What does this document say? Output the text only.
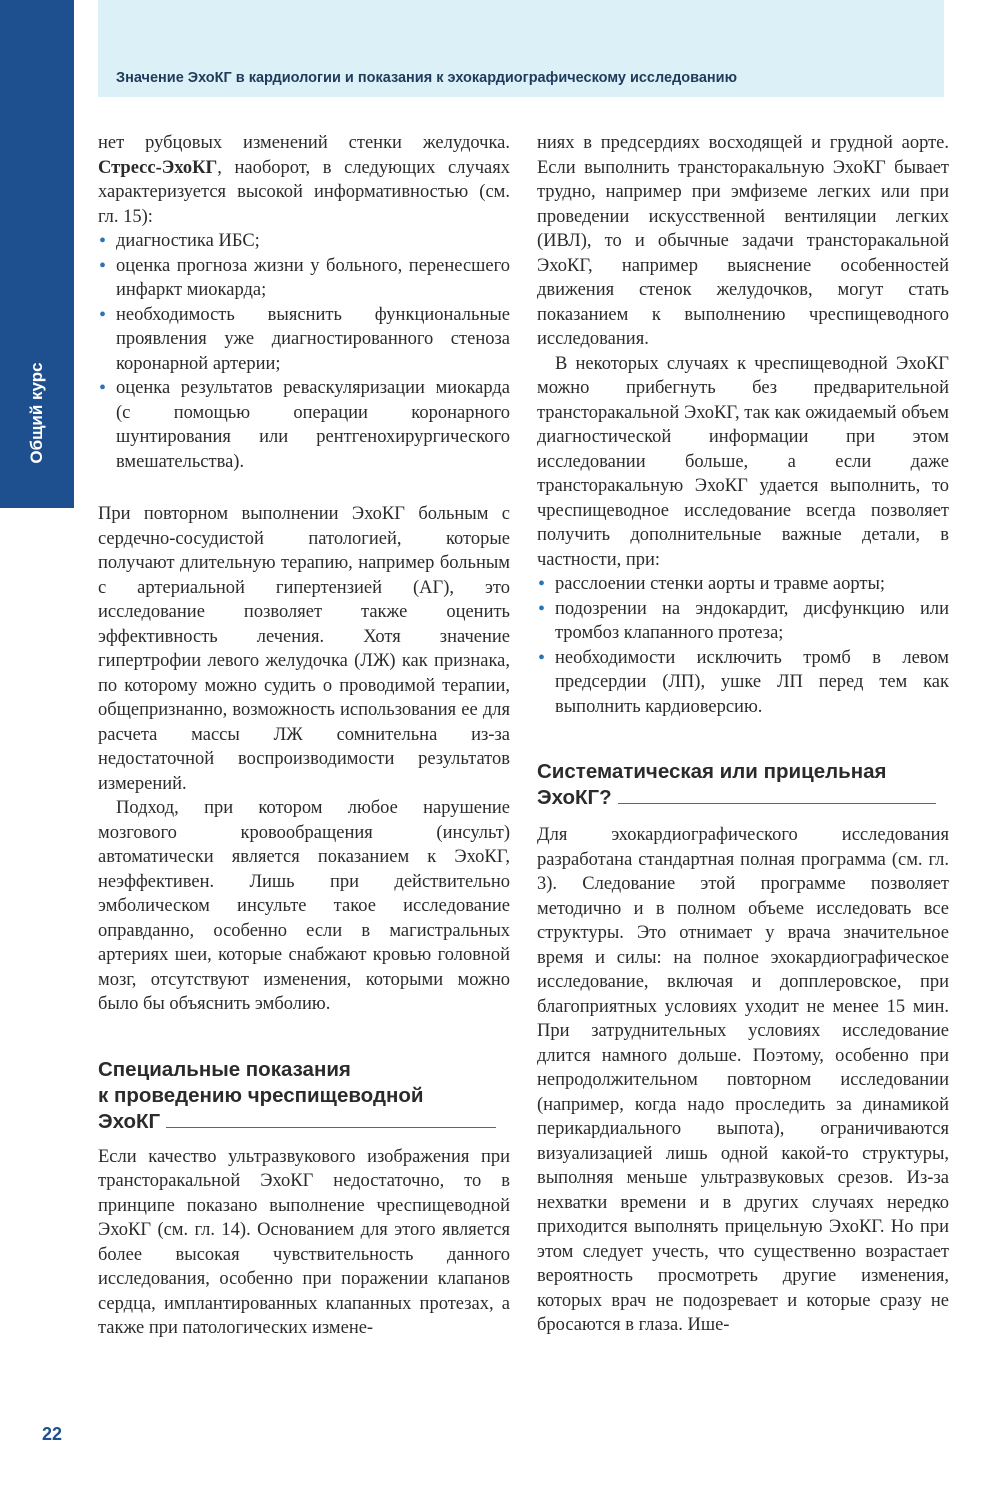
Значение ЭхоКГ в кардиологии и показания к эхокардиографическому исследованию
Общий курс

нет рубцовых изменений стенки желудочка. Стресс-ЭхоКГ, наоборот, в следующих случаях характеризуется высокой информативностью (см. гл. 15):

• диагностика ИБС;
• оценка прогноза жизни у больного, перенесшего инфаркт миокарда;
• необходимость выяснить функциональные проявления уже диагностированного стеноза коронарной артерии;
• оценка результатов реваскуляризации миокарда (с помощью операции коронарного шунтирования или рентгенохирургического вмешательства).

При повторном выполнении ЭхоКГ больным с сердечно-сосудистой патологией, которые получают длительную терапию, например больным с артериальной гипертензией (АГ), это исследование позволяет также оценить эффективность лечения. Хотя значение гипертрофии левого желудочка (ЛЖ) как признака, по которому можно судить о проводимой терапии, общепризнанно, возможность использования ее для расчета массы ЛЖ сомнительна из-за недостаточной воспроизводимости результатов измерений.

Подход, при котором любое нарушение мозгового кровообращения (инсульт) автоматически является показанием к ЭхоКГ, неэффективен. Лишь при действительно эмболическом инсульте такое исследование оправданно, особенно если в магистральных артериях шеи, которые снабжают кровью головной мозг, отсутствуют изменения, которыми можно было бы объяснить эмболию.

Специальные показания
к проведению чреспищеводной
ЭхоКГ

Если качество ультразвукового изображения при трансторакальной ЭхоКГ недостаточно, то в принципе показано выполнение чреспищеводной ЭхоКГ (см. гл. 14). Основанием для этого является более высокая чувствительность данного исследования, особенно при поражении клапанов сердца, имплантированных клапанных протезах, а также при патологических измене-

ниях в предсердиях восходящей и грудной аорте. Если выполнить трансторакальную ЭхоКГ бывает трудно, например при эмфиземе легких или при проведении искусственной вентиляции легких (ИВЛ), то и обычные задачи трансторакальной ЭхоКГ, например выяснение особенностей движения стенок желудочков, могут стать показанием к выполнению чреспищеводного исследования.

В некоторых случаях к чреспищеводной ЭхоКГ можно прибегнуть без предварительной трансторакальной ЭхоКГ, так как ожидаемый объем диагностической информации при этом исследовании больше, а если даже трансторакальную ЭхоКГ удается выполнить, то чреспищеводное исследование всегда позволяет получить дополнительные важные детали, в частности, при:

• расслоении стенки аорты и травме аорты;
• подозрении на эндокардит, дисфункцию или тромбоз клапанного протеза;
• необходимости исключить тромб в левом предсердии (ЛП), ушке ЛП перед тем как выполнить кардиоверсию.
Систематическая или прицельная
ЭхоКГ?

Для эхокардиографического исследования разработана стандартная полная программа (см. гл. 3). Следование этой программе позволяет методично и в полном объеме исследовать все структуры. Это отнимает у врача значительное время и силы: на полное эхокардиографическое исследование, включая и допплеровское, при благоприятных условиях уходит не менее 15 мин. При затруднительных условиях исследование длится намного дольше. Поэтому, особенно при непродолжительном повторном исследовании (например, когда надо проследить за динамикой перикардиального выпота), ограничиваются визуализацией лишь одной какой-то структуры, выполняя меньше ультразвуковых срезов. Из-за нехватки времени и в других случаях нередко приходится выполнять прицельную ЭхоКГ. Но при этом следует учесть, что существенно возрастает вероятность просмотреть другие изменения, которых врач не подозревает и которые сразу не бросаются в глаза. Ише-

22
